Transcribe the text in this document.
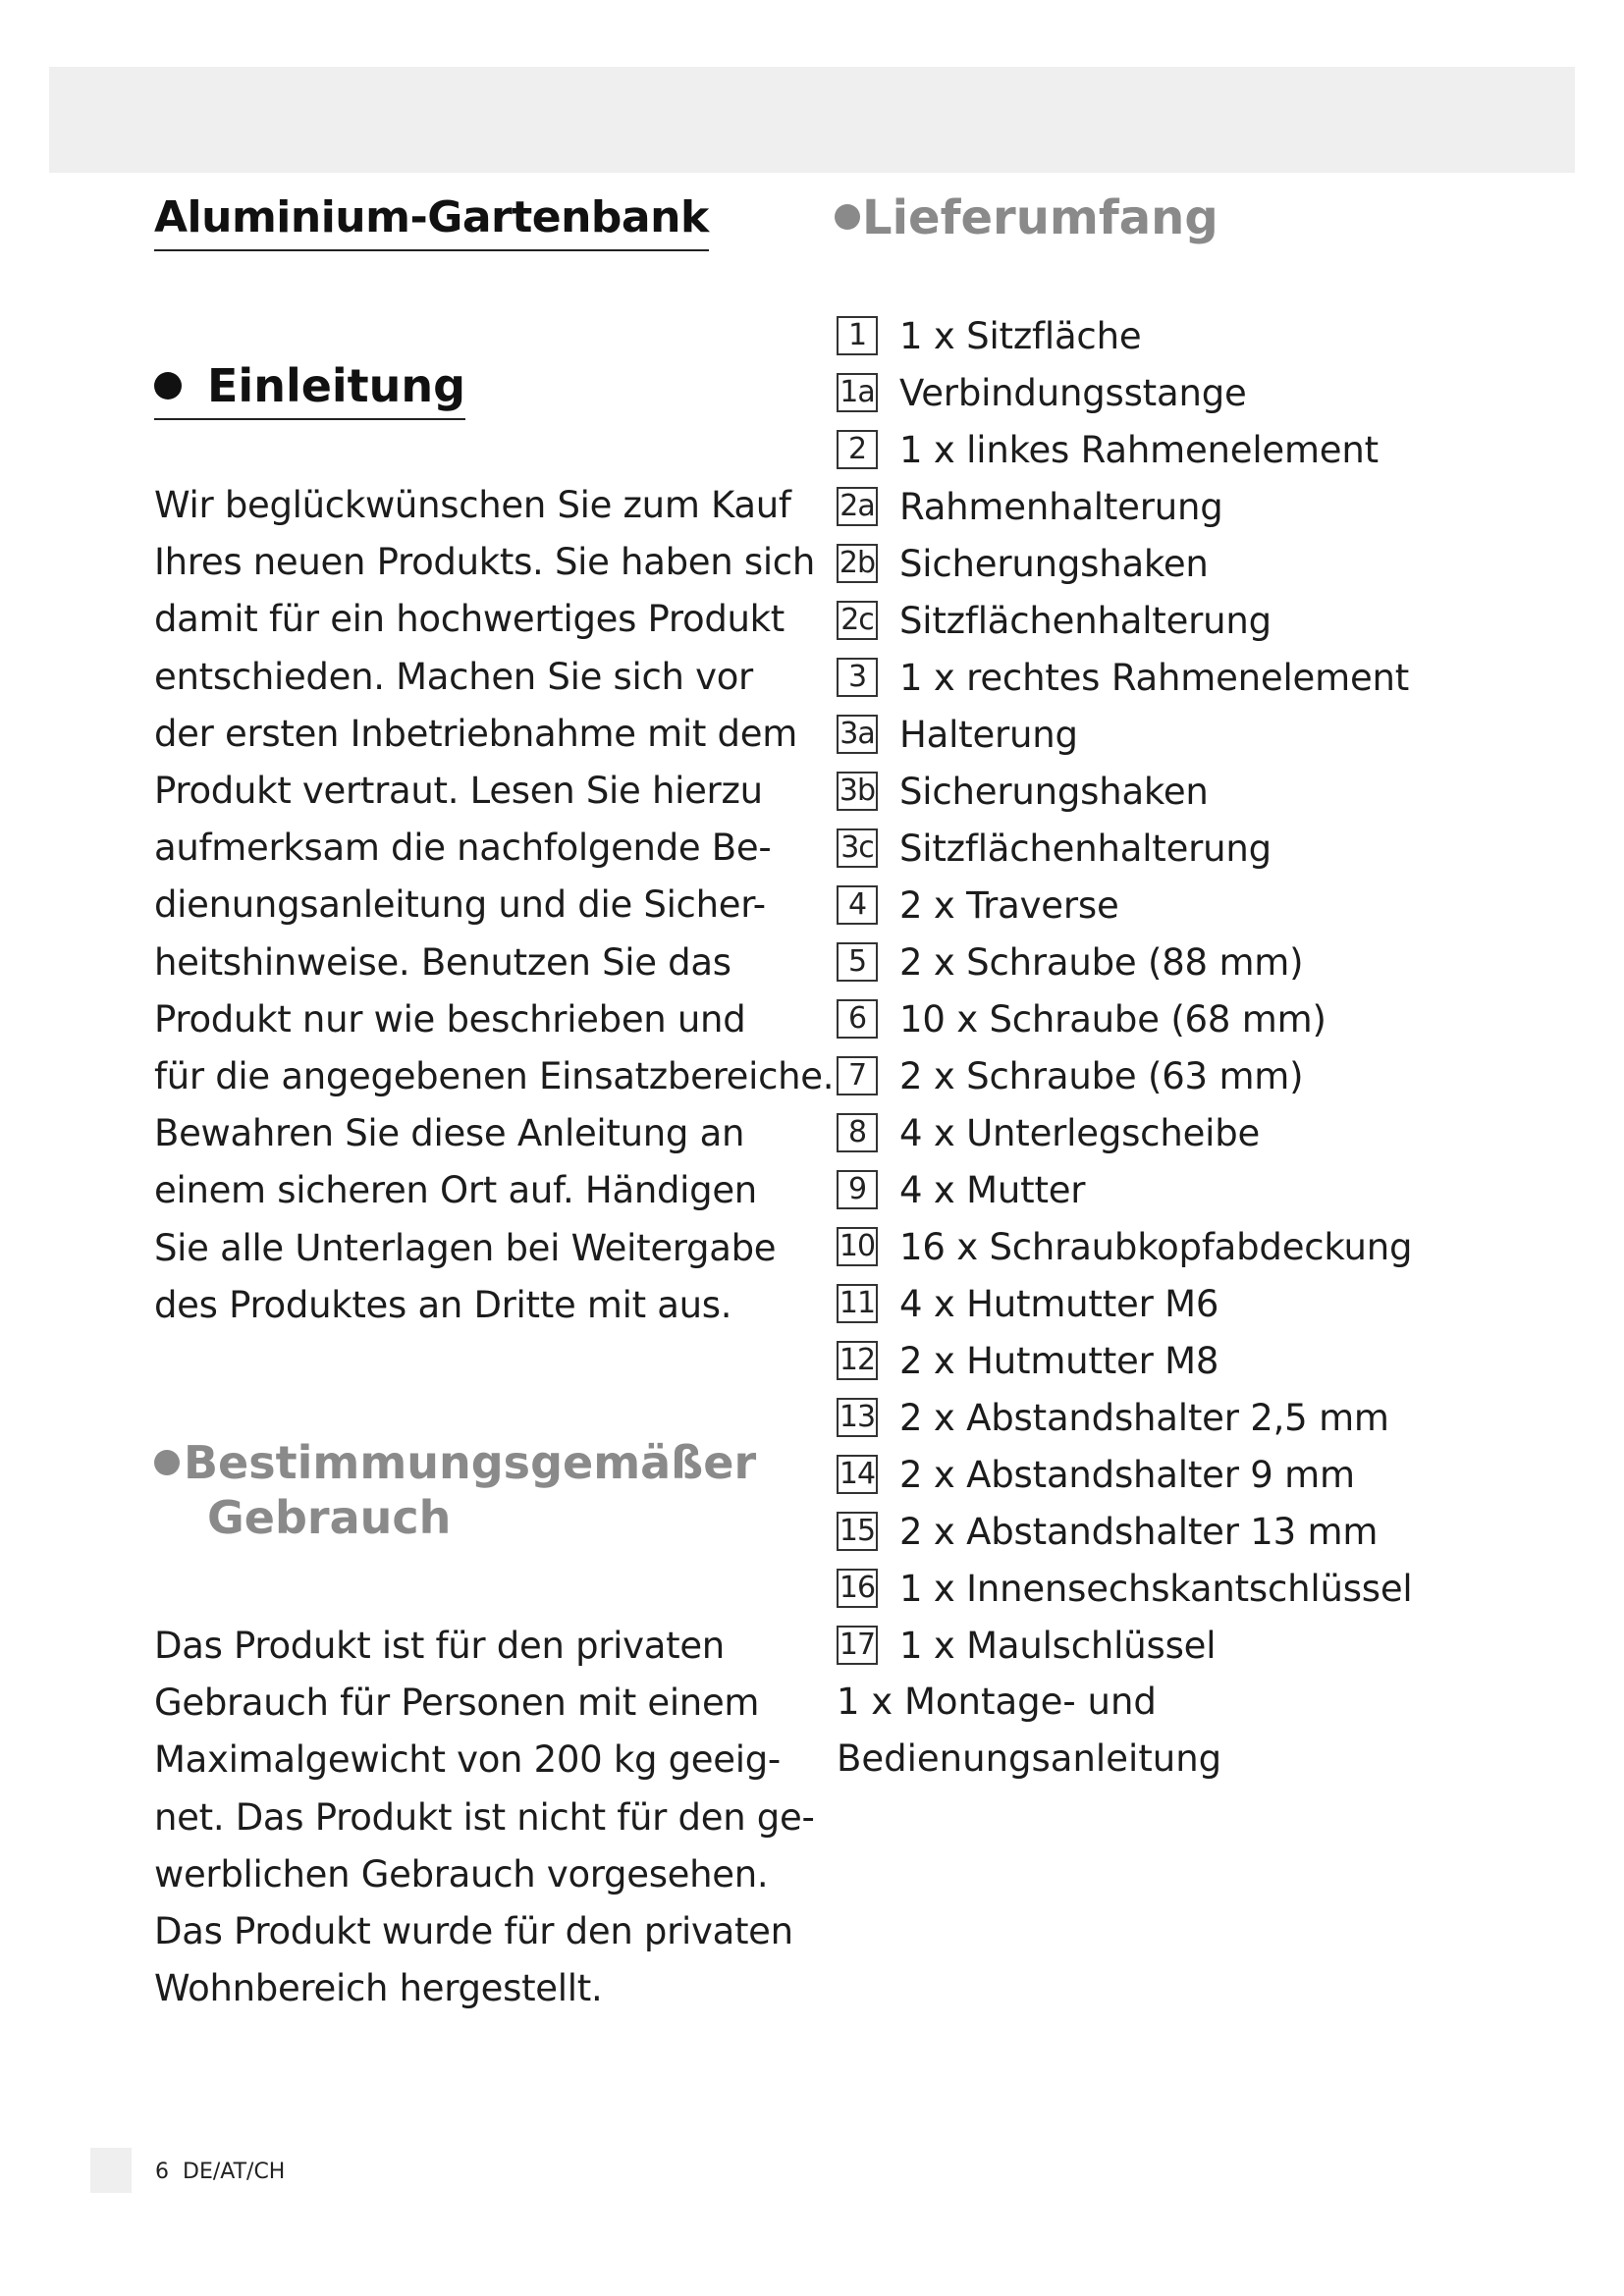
Aluminium-Gartenbank
Einleitung

Wir beglückwünschen Sie zum Kauf
Ihres neuen Produkts. Sie haben sich
damit für ein hochwertiges Produkt
entschieden. Machen Sie sich vor
der ersten Inbetriebnahme mit dem
Produkt vertraut. Lesen Sie hierzu
aufmerksam die nachfolgende Be-
dienungsanleitung und die Sicher-
heitshinweise. Benutzen Sie das
Produkt nur wie beschrieben und
für die angegebenen Einsatzbereiche.
Bewahren Sie diese Anleitung an
einem sicheren Ort auf. Händigen
Sie alle Unterlagen bei Weitergabe
des Produktes an Dritte mit aus.

Bestimmungsgemäßer
Gebrauch

Das Produkt ist für den privaten
Gebrauch für Personen mit einem
Maximalgewicht von 200 kg geeig-
net. Das Produkt ist nicht für den ge-
werblichen Gebrauch vorgesehen.
Das Produkt wurde für den privaten
Wohnbereich hergestellt.

Lieferumfang
1 1 x Sitzfläche
1a Verbindungsstange
2 1 x linkes Rahmenelement
2a Rahmenhalterung
2b Sicherungshaken
2c Sitzflächenhalterung
3 1 x rechtes Rahmenelement
3a Halterung
3b Sicherungshaken
3c Sitzflächenhalterung
4 2 x Traverse
5 2 x Schraube (88 mm)
6 10 x Schraube (68 mm)
7 2 x Schraube (63 mm)
8 4 x Unterlegscheibe
9 4 x Mutter
10 16 x Schraubkopfabdeckung
11 4 x Hutmutter M6
12 2 x Hutmutter M8
13 2 x Abstandshalter 2,5 mm
14 2 x Abstandshalter 9 mm
15 2 x Abstandshalter 13 mm
16 1 x Innensechskantschlüssel
17 1 x Maulschlüssel

1 x Montage- und
Bedienungsanleitung

6 DE/AT/CH
